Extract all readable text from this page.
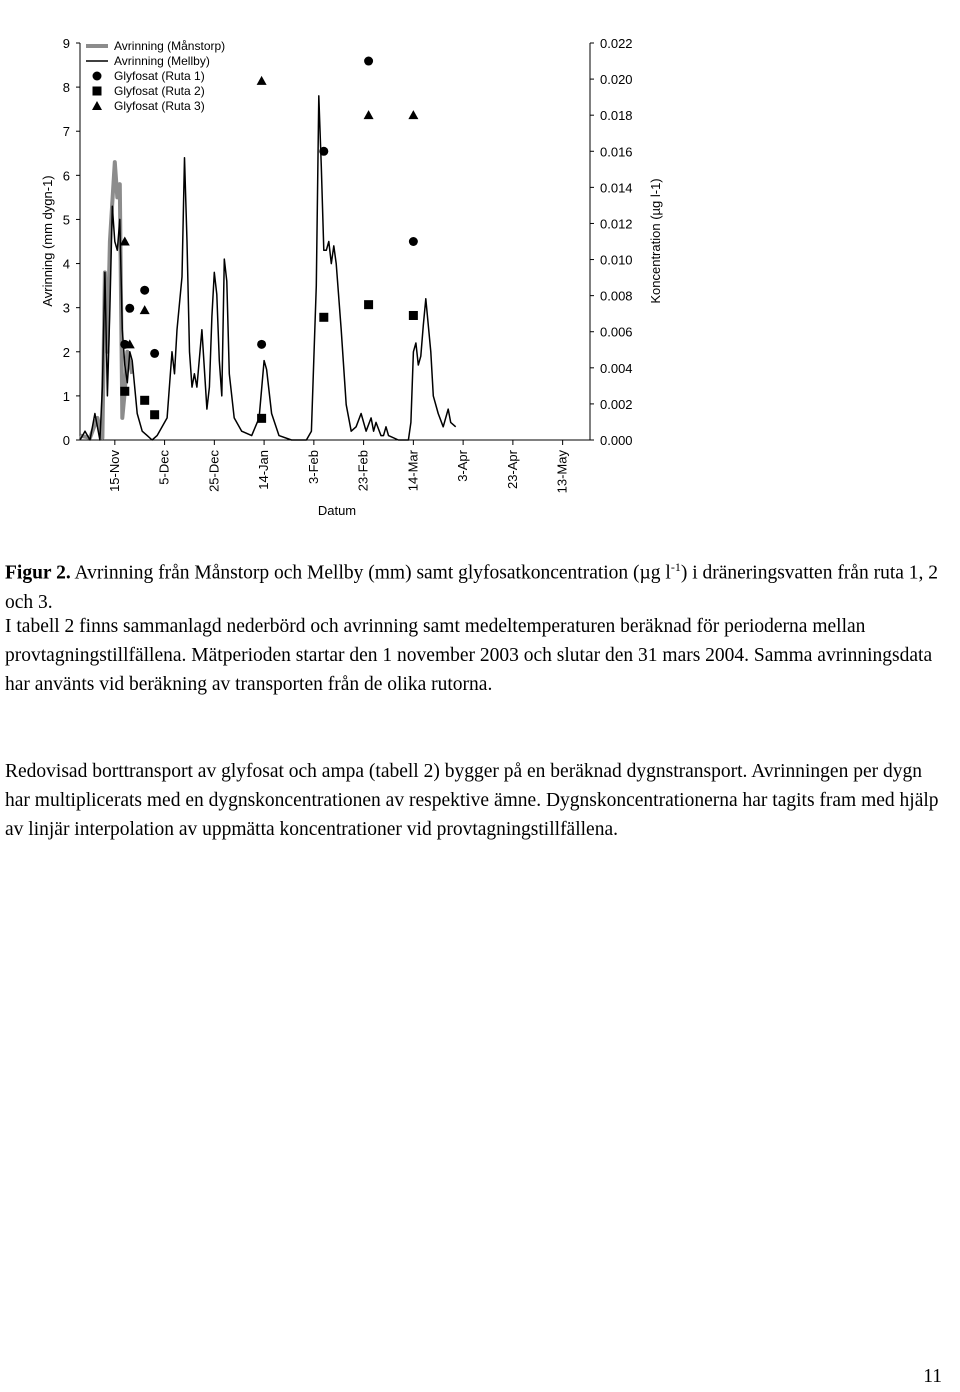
0
1
2
3
4
5
6
7
8
9
0.000
0.002
0.004
0.006
0.008
0.010
0.012
0.014
0.016
0.018
0.020
0.022
15-Nov	5-Dec	25-Dec	14-Jan	3-Feb	23-Feb	14-Mar	3-Apr	23-Apr	13-May
Datum
Avrinning (mm dygn-1)	Koncentration (µg l-1)
Avrinning (Månstorp)
Avrinning (Mellby)
Glyfosat (Ruta 1)
Glyfosat (Ruta 2)
Glyfosat (Ruta 3)
Figur 2. Avrinning från Månstorp och Mellby (mm) samt glyfosatkoncentration (µg $l^{-1}$) i dräneringsvatten från ruta 1, 2 och 3.

I tabell 2 finns sammanlagd nederbörd och avrinning samt medeltemperaturen beräknad för perioderna mellan provtagningstillfällena. Mätperioden startar den 1 november 2003 och slutar den 31 mars 2004. Samma avrinningsdata har använts vid beräkning av transporten från de olika rutorna.

Redovisad borttransport av glyfosat och ampa (tabell 2) bygger på en beräknad dygnstransport. Avrinningen per dygn har multiplicerats med en dygnskoncentrationen av respektive ämne. Dygnskoncentrationerna har tagits fram med hjälp av linjär interpolation av uppmätta koncentrationer vid provtagningstillfällena.

11
